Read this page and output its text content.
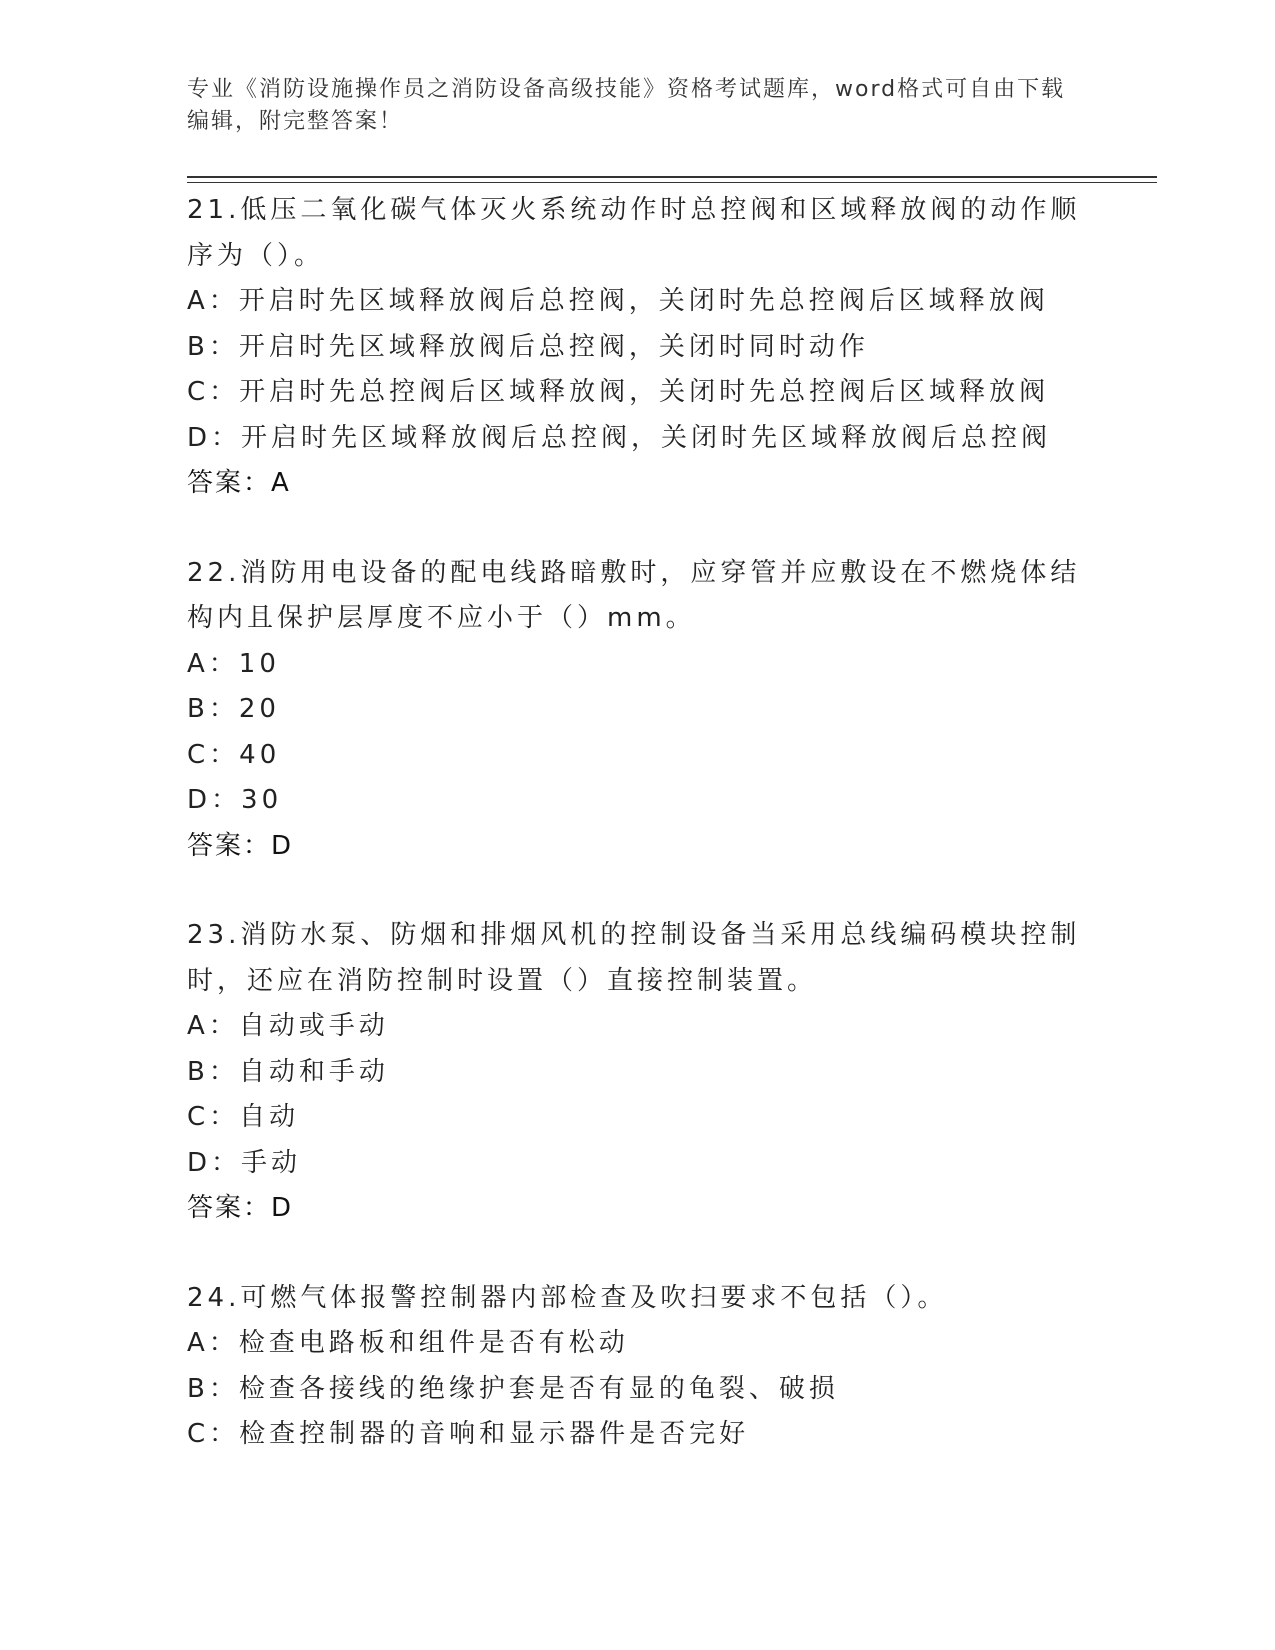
专业《消防设施操作员之消防设备高级技能》资格考试题库，word格式可自由下载编辑，附完整答案！

21.低压二氧化碳气体灭火系统动作时总控阀和区域释放阀的动作顺序为（）。

A：开启时先区域释放阀后总控阀，关闭时先总控阀后区域释放阀
B：开启时先区域释放阀后总控阀，关闭时同时动作
C：开启时先总控阀后区域释放阀，关闭时先总控阀后区域释放阀
D：开启时先区域释放阀后总控阀，关闭时先区域释放阀后总控阀

答案：A

22.消防用电设备的配电线路暗敷时，应穿管并应敷设在不燃烧体结构内且保护层厚度不应小于（）mm。

A：10
B：20
C：40
D：30

答案：D

23.消防水泵、防烟和排烟风机的控制设备当采用总线编码模块控制时，还应在消防控制时设置（）直接控制装置。

A：自动或手动
B：自动和手动
C：自动
D：手动

答案：D

24.可燃气体报警控制器内部检查及吹扫要求不包括（）。

A：检查电路板和组件是否有松动
B：检查各接线的绝缘护套是否有显的龟裂、破损
C：检查控制器的音响和显示器件是否完好
